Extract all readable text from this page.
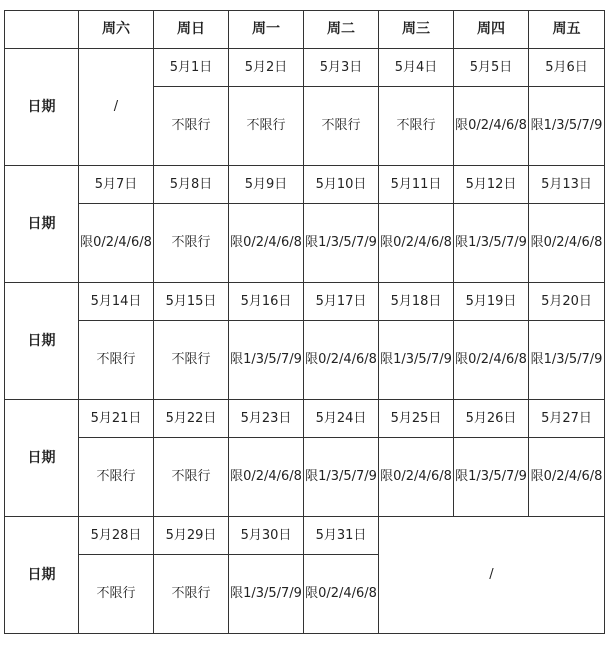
	周六	周日	周一	周二	周三	周四	周五
日期	/	5月1日	5月2日	5月3日	5月4日	5月5日	5月6日
		不限行	不限行	不限行	不限行	限0/2/4/6/8	限1/3/5/7/9
日期	5月7日	5月8日	5月9日	5月10日	5月11日	5月12日	5月13日
	限0/2/4/6/8	不限行	限0/2/4/6/8	限1/3/5/7/9	限0/2/4/6/8	限1/3/5/7/9	限0/2/4/6/8
日期	5月14日	5月15日	5月16日	5月17日	5月18日	5月19日	5月20日
	不限行	不限行	限1/3/5/7/9	限0/2/4/6/8	限1/3/5/7/9	限0/2/4/6/8	限1/3/5/7/9
日期	5月21日	5月22日	5月23日	5月24日	5月25日	5月26日	5月27日
	不限行	不限行	限0/2/4/6/8	限1/3/5/7/9	限0/2/4/6/8	限1/3/5/7/9	限0/2/4/6/8
日期	5月28日	5月29日	5月30日	5月31日	/		
	不限行	不限行	限1/3/5/7/9	限0/2/4/6/8			
